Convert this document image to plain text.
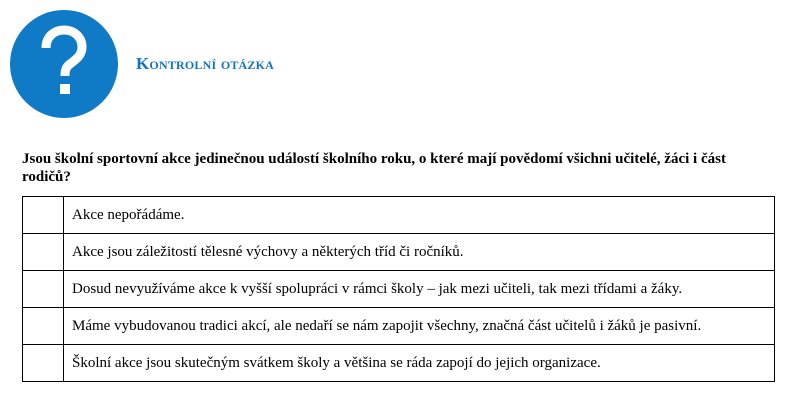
Kontrolní otázka
Jsou školní sportovní akce jedinečnou událostí školního roku, o které mají povědomí všichni učitelé, žáci i část rodičů?
	Akce nepořádáme.
	Akce jsou záležitostí tělesné výchovy a některých tříd či ročníků.
	Dosud nevyužíváme akce k vyšší spolupráci v rámci školy – jak mezi učiteli, tak mezi třídami a žáky.
	Máme vybudovanou tradici akcí, ale nedaří se nám zapojit všechny, značná část učitelů i žáků je pasivní.
	Školní akce jsou skutečným svátkem školy a většina se ráda zapojí do jejich organizace.
